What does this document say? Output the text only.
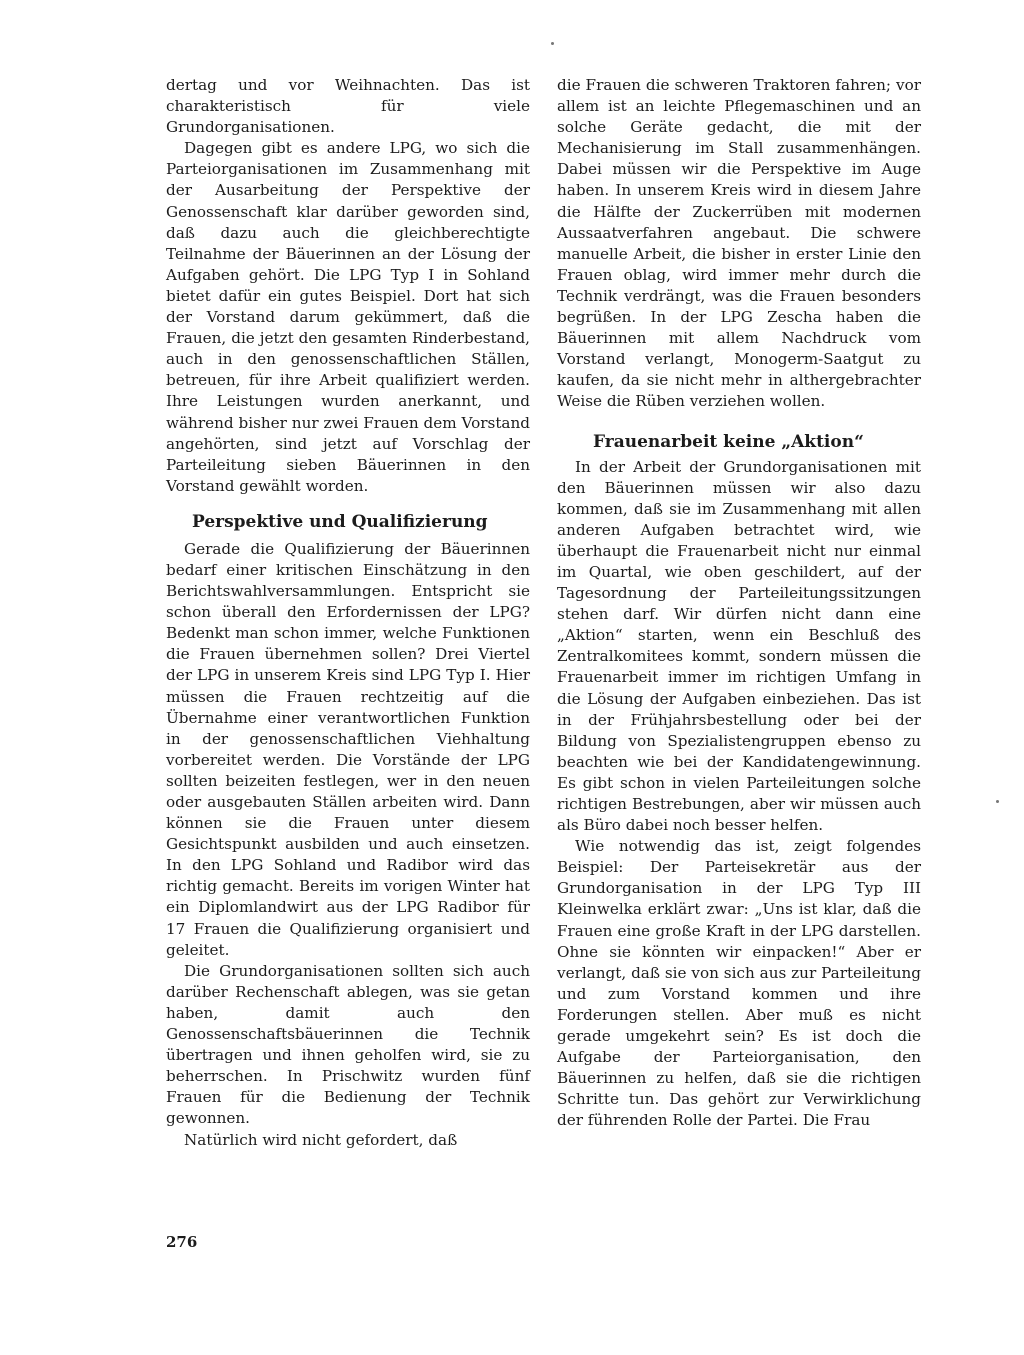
dertag und vor Weihnachten. Das ist charakteristisch für viele Grundorganisationen.

Dagegen gibt es andere LPG, wo sich die Parteiorganisationen im Zusammenhang mit der Ausarbeitung der Perspektive der Genossenschaft klar darüber geworden sind, daß dazu auch die gleichberechtigte Teilnahme der Bäuerinnen an der Lösung der Aufgaben gehört. Die LPG Typ I in Sohland bietet dafür ein gutes Beispiel. Dort hat sich der Vorstand darum gekümmert, daß die Frauen, die jetzt den gesamten Rinderbestand, auch in den genossenschaftlichen Ställen, betreuen, für ihre Arbeit qualifiziert werden. Ihre Leistungen wurden anerkannt, und während bisher nur zwei Frauen dem Vorstand angehörten, sind jetzt auf Vorschlag der Parteileitung sieben Bäuerinnen in den Vorstand gewählt worden.

Perspektive und Qualifizierung

Gerade die Qualifizierung der Bäuerinnen bedarf einer kritischen Einschätzung in den Berichtswahlversammlungen. Entspricht sie schon überall den Erfordernissen der LPG? Bedenkt man schon immer, welche Funktionen die Frauen übernehmen sollen? Drei Viertel der LPG in unserem Kreis sind LPG Typ I. Hier müssen die Frauen rechtzeitig auf die Übernahme einer verantwortlichen Funktion in der genossenschaftlichen Viehhaltung vorbereitet werden. Die Vorstände der LPG sollten beizeiten festlegen, wer in den neuen oder ausgebauten Ställen arbeiten wird. Dann können sie die Frauen unter diesem Gesichtspunkt ausbilden und auch einsetzen. In den LPG Sohland und Radibor wird das richtig gemacht. Bereits im vorigen Winter hat ein Diplomlandwirt aus der LPG Radibor für 17 Frauen die Qualifizierung organisiert und geleitet.

Die Grundorganisationen sollten sich auch darüber Rechenschaft ablegen, was sie getan haben, damit auch den Genossenschaftsbäuerinnen die Technik übertragen und ihnen geholfen wird, sie zu beherrschen. In Prischwitz wurden fünf Frauen für die Bedienung der Technik gewonnen.

Natürlich wird nicht gefordert, daß

die Frauen die schweren Traktoren fahren; vor allem ist an leichte Pflegemaschinen und an solche Geräte gedacht, die mit der Mechanisierung im Stall zusammenhängen. Dabei müssen wir die Perspektive im Auge haben. In unserem Kreis wird in diesem Jahre die Hälfte der Zuckerrüben mit modernen Aussaatverfahren angebaut. Die schwere manuelle Arbeit, die bisher in erster Linie den Frauen oblag, wird immer mehr durch die Technik verdrängt, was die Frauen besonders begrüßen. In der LPG Zescha haben die Bäuerinnen mit allem Nachdruck vom Vorstand verlangt, Monogerm-Saatgut zu kaufen, da sie nicht mehr in althergebrachter Weise die Rüben verziehen wollen.

Frauenarbeit keine „Aktion“

In der Arbeit der Grundorganisationen mit den Bäuerinnen müssen wir also dazu kommen, daß sie im Zusammenhang mit allen anderen Aufgaben betrachtet wird, wie überhaupt die Frauenarbeit nicht nur einmal im Quartal, wie oben geschildert, auf der Tagesordnung der Parteileitungssitzungen stehen darf. Wir dürfen nicht dann eine „Aktion“ starten, wenn ein Beschluß des Zentralkomitees kommt, sondern müssen die Frauenarbeit immer im richtigen Umfang in die Lösung der Aufgaben einbeziehen. Das ist in der Frühjahrsbestellung oder bei der Bildung von Spezialistengruppen ebenso zu beachten wie bei der Kandidatengewinnung. Es gibt schon in vielen Parteileitungen solche richtigen Bestrebungen, aber wir müssen auch als Büro dabei noch besser helfen.

Wie notwendig das ist, zeigt folgendes Beispiel: Der Parteisekretär aus der Grundorganisation in der LPG Typ III Kleinwelka erklärt zwar: „Uns ist klar, daß die Frauen eine große Kraft in der LPG darstellen. Ohne sie könnten wir einpacken!“ Aber er verlangt, daß sie von sich aus zur Parteileitung und zum Vorstand kommen und ihre Forderungen stellen. Aber muß es nicht gerade umgekehrt sein? Es ist doch die Aufgabe der Parteiorganisation, den Bäuerinnen zu helfen, daß sie die richtigen Schritte tun. Das gehört zur Verwirklichung der führenden Rolle der Partei. Die Frau

276
